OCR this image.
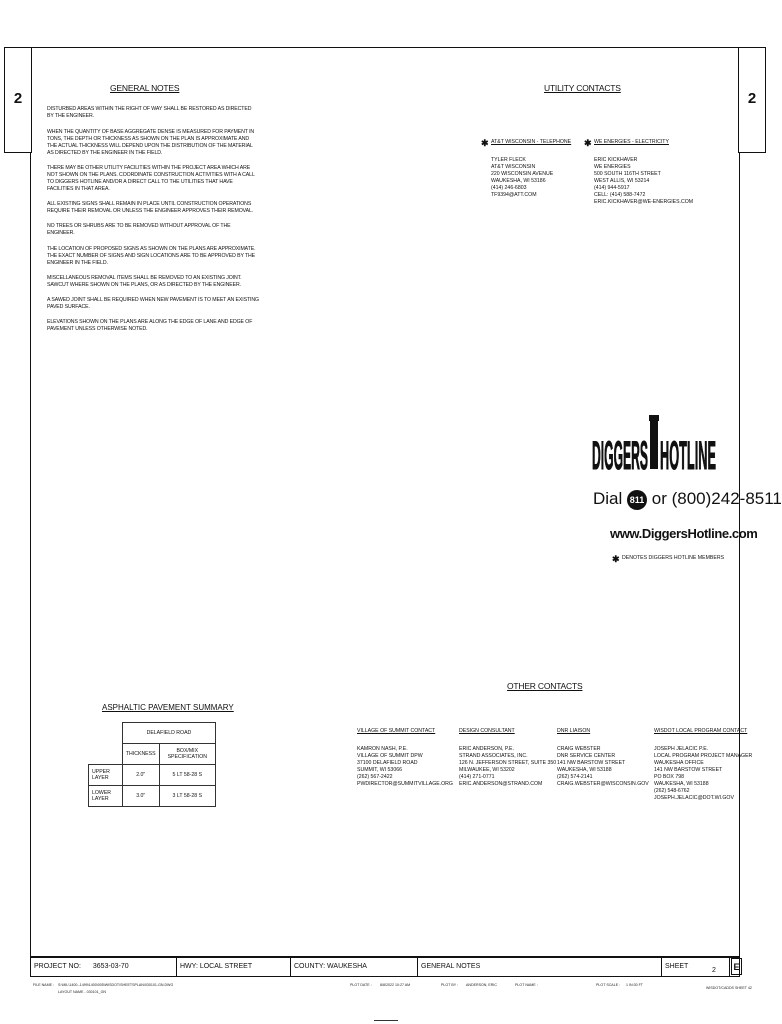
2	2
GENERAL NOTES
DISTURBED AREAS WITHIN THE RIGHT OF WAY SHALL BE RESTORED AS DIRECTED BY THE ENGINEER.
WHEN THE QUANTITY OF BASE AGGREGATE DENSE IS MEASURED FOR PAYMENT IN TONS, THE DEPTH OR THICKNESS AS SHOWN ON THE PLAN IS APPROXIMATE AND THE ACTUAL THICKNESS WILL DEPEND UPON THE DISTRIBUTION OF THE MATERIAL AS DIRECTED BY THE ENGINEER IN THE FIELD.
THERE MAY BE OTHER UTILITY FACILITIES WITHIN THE PROJECT AREA WHICH ARE NOT SHOWN ON THE PLANS. COORDINATE CONSTRUCTION ACTIVITIES WITH A CALL TO DIGGERS HOTLINE AND/OR A DIRECT CALL TO THE UTILITIES THAT HAVE FACILITIES IN THAT AREA.
ALL EXISTING SIGNS SHALL REMAIN IN PLACE UNTIL CONSTRUCTION OPERATIONS REQUIRE THEIR REMOVAL OR UNLESS THE ENGINEER APPROVES THEIR REMOVAL.
NO TREES OR SHRUBS ARE TO BE REMOVED WITHOUT APPROVAL OF THE ENGINEER.
THE LOCATION OF PROPOSED SIGNS AS SHOWN ON THE PLANS ARE APPROXIMATE. THE EXACT NUMBER OF SIGNS AND SIGN LOCATIONS ARE TO BE APPROVED BY THE ENGINEER IN THE FIELD.
MISCELLANEOUS REMOVAL ITEMS SHALL BE REMOVED TO AN EXISTING JOINT. SAWCUT WHERE SHOWN ON THE PLANS, OR AS DIRECTED BY THE ENGINEER.
A SAWED JOINT SHALL BE REQUIRED WHEN NEW PAVEMENT IS TO MEET AN EXISTING PAVED SURFACE.
ELEVATIONS SHOWN ON THE PLANS ARE ALONG THE EDGE OF LANE AND EDGE OF PAVEMENT UNLESS OTHERWISE NOTED.
UTILITY CONTACTS
✱ AT&T WISCONSIN - TELEPHONE
TYLER FLECK
AT&T WISCONSIN
220 WISCONSIN AVENUE
WAUKESHA, WI 53186
(414) 246-6803
TF9394@ATT.COM
✱ WE ENERGIES - ELECTRICITY
ERIC KICKHAVER
WE ENERGIES
500 SOUTH 116TH STREET
WEST ALLIS, WI 53214
(414) 944-5917
CELL: (414) 588-7472
ERIC.KICKHAVER@WE-ENERGIES.COM
DIGGERS HOTLINE
Dial 811 or (800)242-8511
www.DiggersHotline.com
✱ DENOTES DIGGERS HOTLINE MEMBERS
OTHER CONTACTS
VILLAGE OF SUMMIT CONTACT
KAMRON NASH, P.E.
VILLAGE OF SUMMIT DPW
37100 DELAFIELD ROAD
SUMMIT, WI 53066
(262) 567-2422
PWDIRECTOR@SUMMITVILLAGE.ORG
DESIGN CONSULTANT
ERIC ANDERSON, P.E.
STRAND ASSOCIATES, INC.
126 N. JEFFERSON STREET, SUITE 350
MILWAUKEE, WI 53202
(414) 271-0771
ERIC.ANDERSON@STRAND.COM
DNR LIAISON
CRAIG WEBSTER
DNR SERVICE CENTER
141 NW BARSTOW STREET
WAUKESHA, WI 53188
(262) 574-2141
CRAIG.WEBSTER@WISCONSIN.GOV
WISDOT LOCAL PROGRAM CONTACT
JOSEPH JELACIC P.E.
LOCAL PROGRAM PROJECT MANAGER
WAUKESHA OFFICE
141 NW BARSTOW STREET
PO BOX 798
WAUKESHA, WI 53188
(262) 548-6762
JOSEPH.JELACIC@DOT.WI.GOV
ASPHALTIC PAVEMENT SUMMARY
	DELAFIELD ROAD	
	THICKNESS	BOX/MIX SPECIFICATION
UPPER LAYER	2.0"	5 LT 58-28 S
LOWER LAYER	3.0"	3 LT 58-28 S
PROJECT NO: 3653-03-70	HWY: LOCAL STREET	COUNTY: WAUKESHA	GENERAL NOTES	SHEET
2 E
FILE NAME : S:\MIL\1400--1499\1400\005\WISDOT\SHEETSPLAN\030101-GN.DWG
LAYOUT NAME - 030101_GN
PLOT DATE : 8/8/2022 10:27 AM	PLOT BY : ANDERSON, ERIC	PLOT NAME :	PLOT SCALE : 1 IN:30 FT
WISDOT/CADDS SHEET 42
